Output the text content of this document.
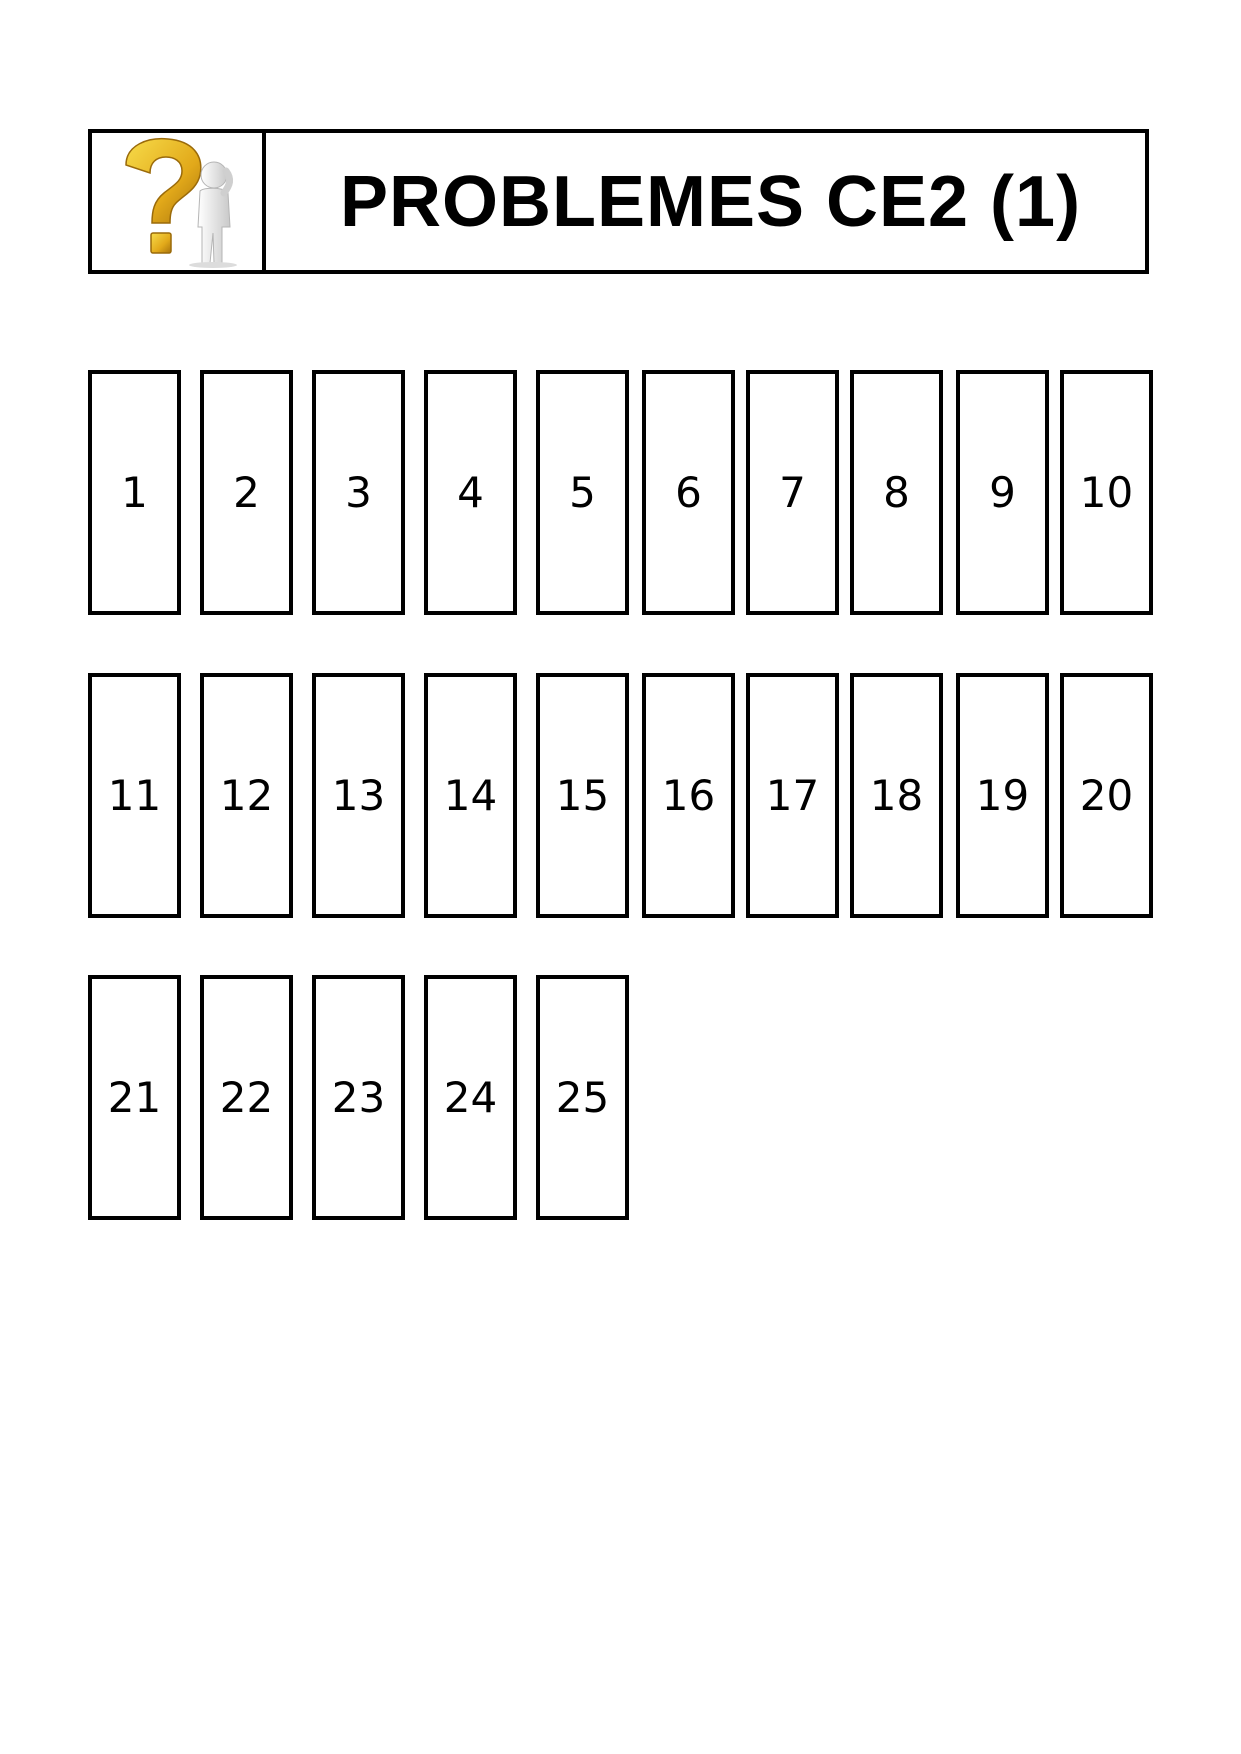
PROBLEMES CE2 (1)
1	2	3	4	5	6	7	8	9	10
11	12	13	14	15	16	17	18	19	20
21	22	23	24	25
